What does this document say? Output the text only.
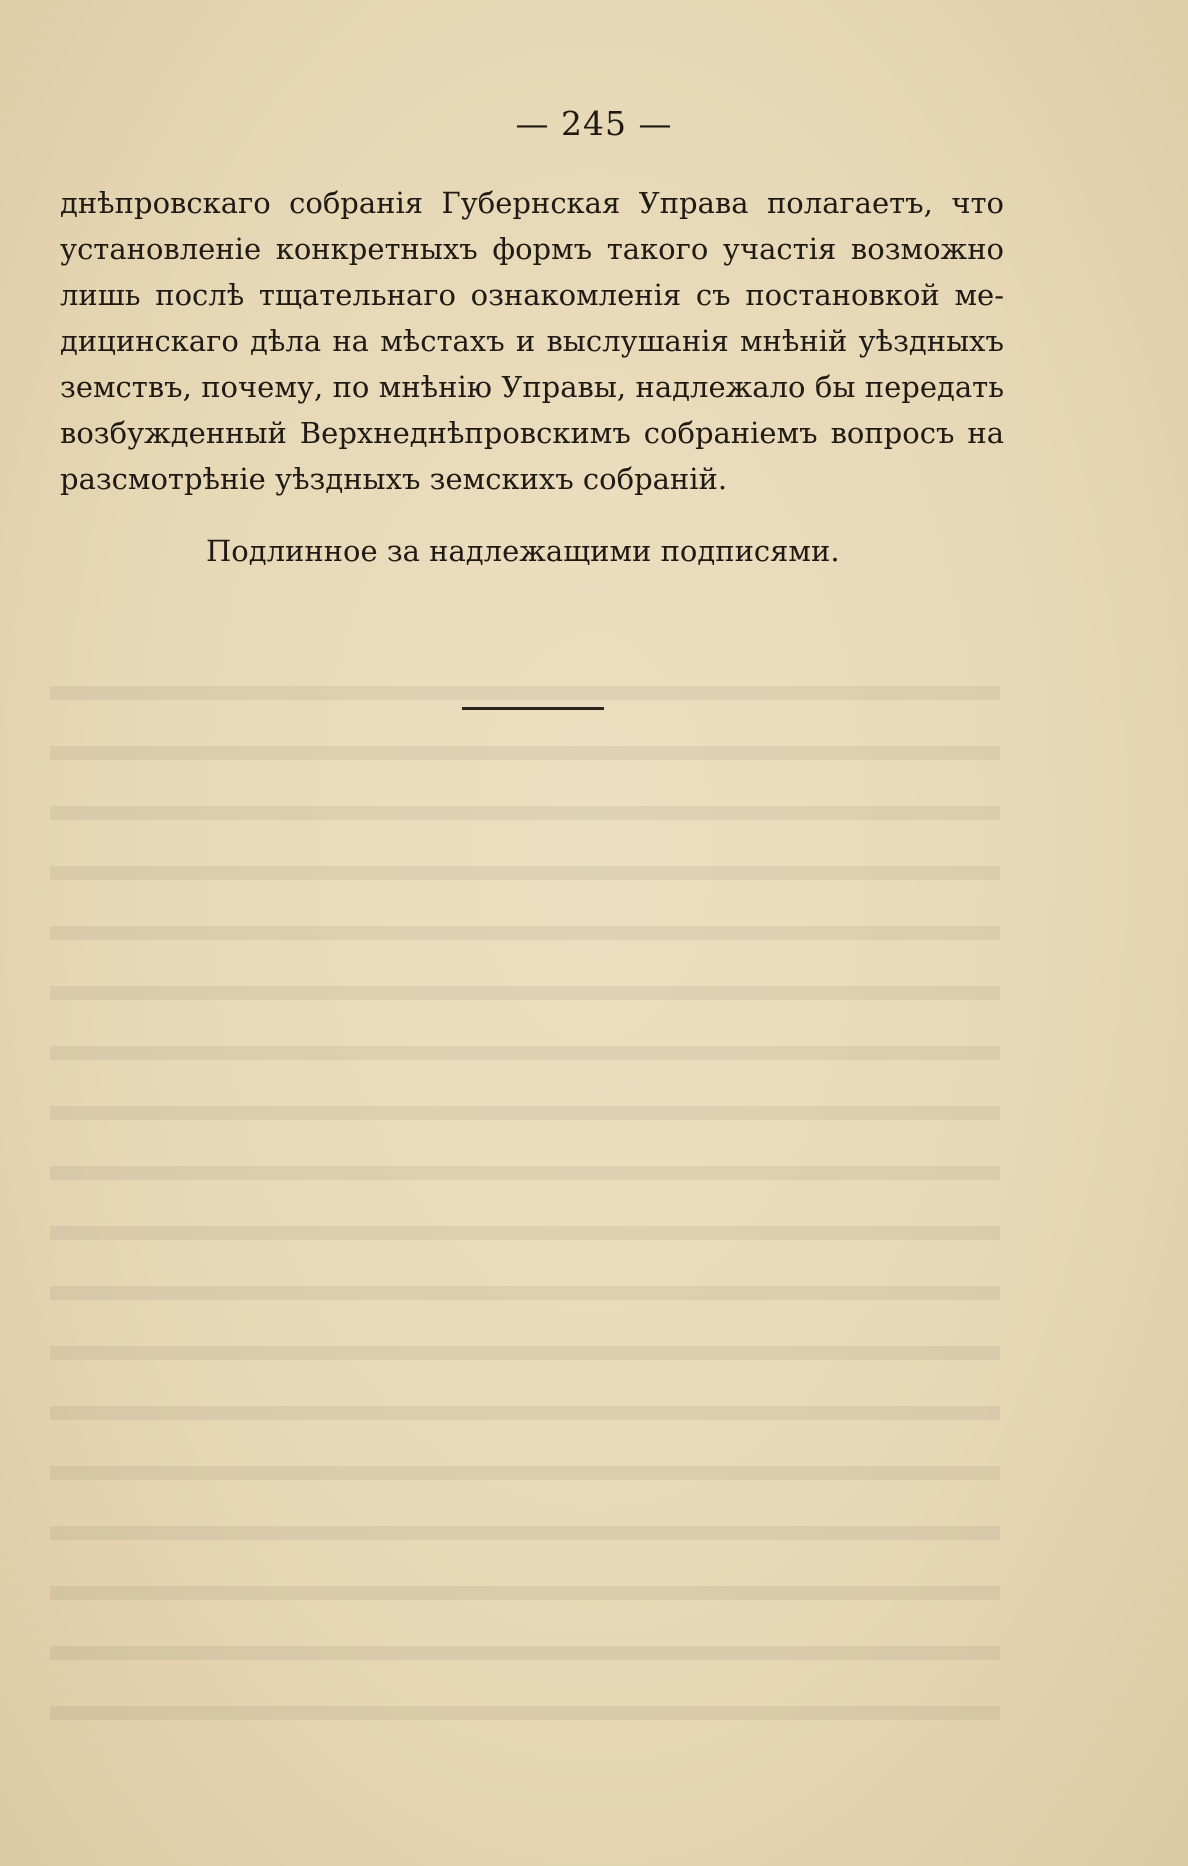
— 245 —
днѣпровскаго собранія Губернская Управа полагаетъ, что
установленіе конкретныхъ формъ такого участія возможно
лишь послѣ тщательнаго ознакомленія съ постановкой ме-
дицинскаго дѣла на мѣстахъ и выслушанія мнѣній уѣздныхъ
земствъ, почему, по мнѣнію Управы, надлежало бы передать
возбужденный Верхнеднѣпровскимъ собраніемъ вопросъ на
разсмотрѣніе уѣздныхъ земскихъ собраній.
Подлинное за надлежащими подписями.
